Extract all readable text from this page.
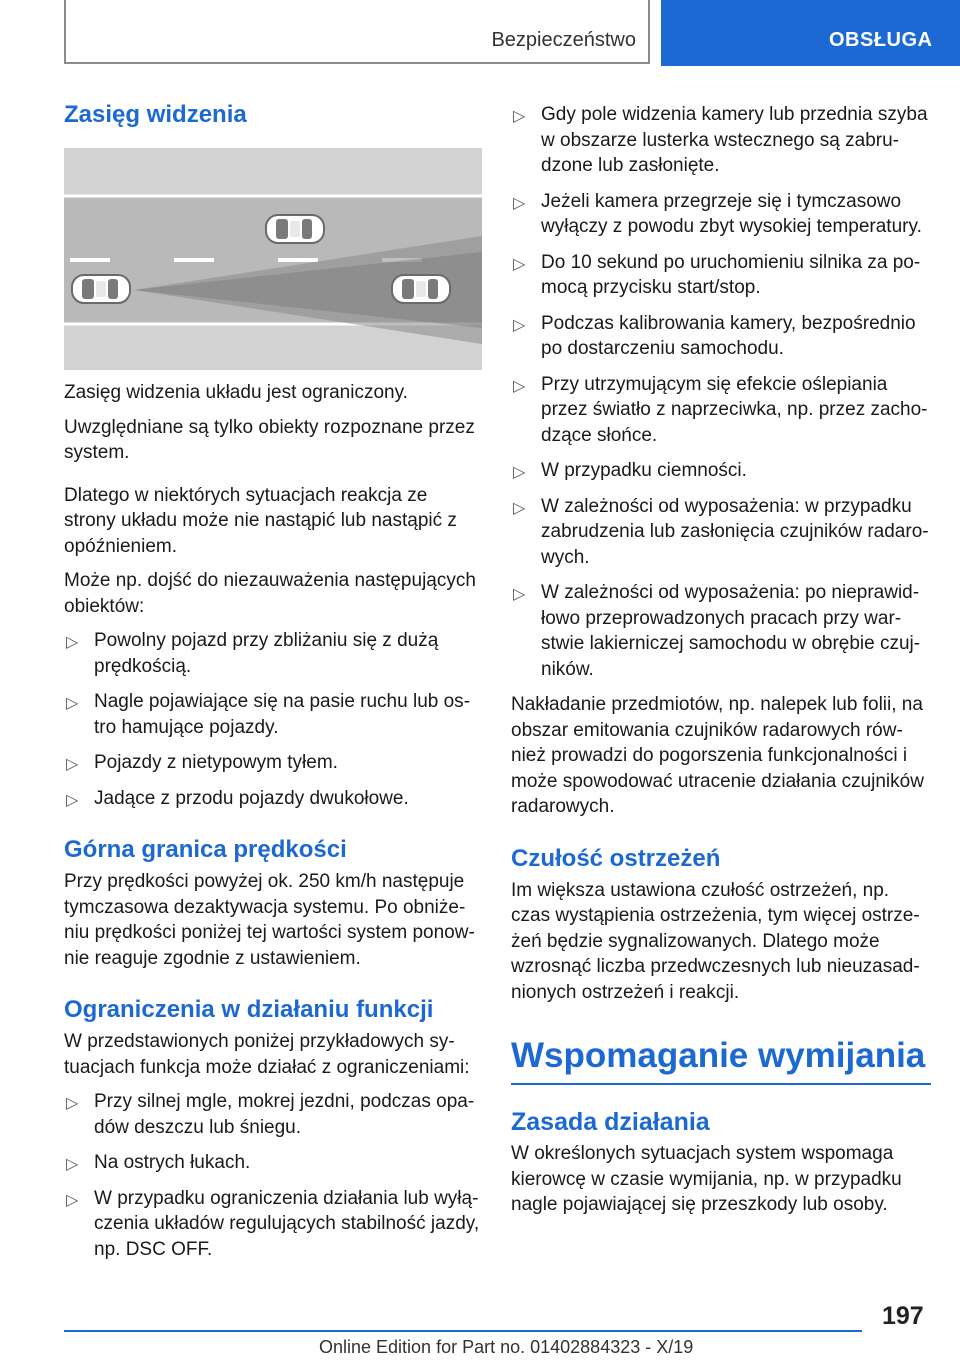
Bezpieczeństwo	OBSŁUGA
Zasięg widzenia

Zasięg widzenia układu jest ograniczony.

Uwzględniane są tylko obiekty rozpoznane przez system.

Dlatego w niektórych sytuacjach reakcja ze strony układu może nie nastąpić lub nastąpić z opóźnieniem.

Może np. dojść do niezauważenia następujących obiektów:

▷ Powolny pojazd przy zbliżaniu się z dużą prędkością.
▷ Nagle pojawiające się na pasie ruchu lub ostro hamujące pojazdy.
▷ Pojazdy z nietypowym tyłem.
▷ Jadące z przodu pojazdy dwukołowe.
Górna granica prędkości

Przy prędkości powyżej ok. 250 km/h następuje tymczasowa dezaktywacja systemu. Po obniżeniu prędkości poniżej tej wartości system ponownie reaguje zgodnie z ustawieniem.

Ograniczenia w działaniu funkcji

W przedstawionych poniżej przykładowych sytuacjach funkcja może działać z ograniczeniami:

▷ Przy silnej mgle, mokrej jezdni, podczas opadów deszczu lub śniegu.
▷ Na ostrych łukach.
▷ W przypadku ograniczenia działania lub wyłączenia układów regulujących stabilność jazdy, np. DSC OFF.
▷ Gdy pole widzenia kamery lub przednia szyba w obszarze lusterka wstecznego są zabrudzone lub zasłonięte.
▷ Jeżeli kamera przegrzeje się i tymczasowo wyłączy z powodu zbyt wysokiej temperatury.
▷ Do 10 sekund po uruchomieniu silnika za pomocą przycisku start/stop.
▷ Podczas kalibrowania kamery, bezpośrednio po dostarczeniu samochodu.
▷ Przy utrzymującym się efekcie oślepiania przez światło z naprzeciwka, np. przez zachodzące słońce.
▷ W przypadku ciemności.
▷ W zależności od wyposażenia: w przypadku zabrudzenia lub zasłonięcia czujników radarowych.
▷ W zależności od wyposażenia: po nieprawidłowo przeprowadzonych pracach przy warstwie lakierniczej samochodu w obrębie czujników.

Nakładanie przedmiotów, np. nalepek lub folii, na obszar emitowania czujników radarowych również prowadzi do pogorszenia funkcjonalności i może spowodować utracenie działania czujników radarowych.

Czułość ostrzeżeń

Im większa ustawiona czułość ostrzeżeń, np. czas wystąpienia ostrzeżenia, tym więcej ostrzeżeń będzie sygnalizowanych. Dlatego może wzrosnąć liczba przedwczesnych lub nieuzasadnionych ostrzeżeń i reakcji.

Wspomaganie wymijania
Zasada działania

W określonych sytuacjach system wspomaga kierowcę w czasie wymijania, np. w przypadku nagle pojawiającej się przeszkody lub osoby.

197
Online Edition for Part no. 01402884323 - X/19
